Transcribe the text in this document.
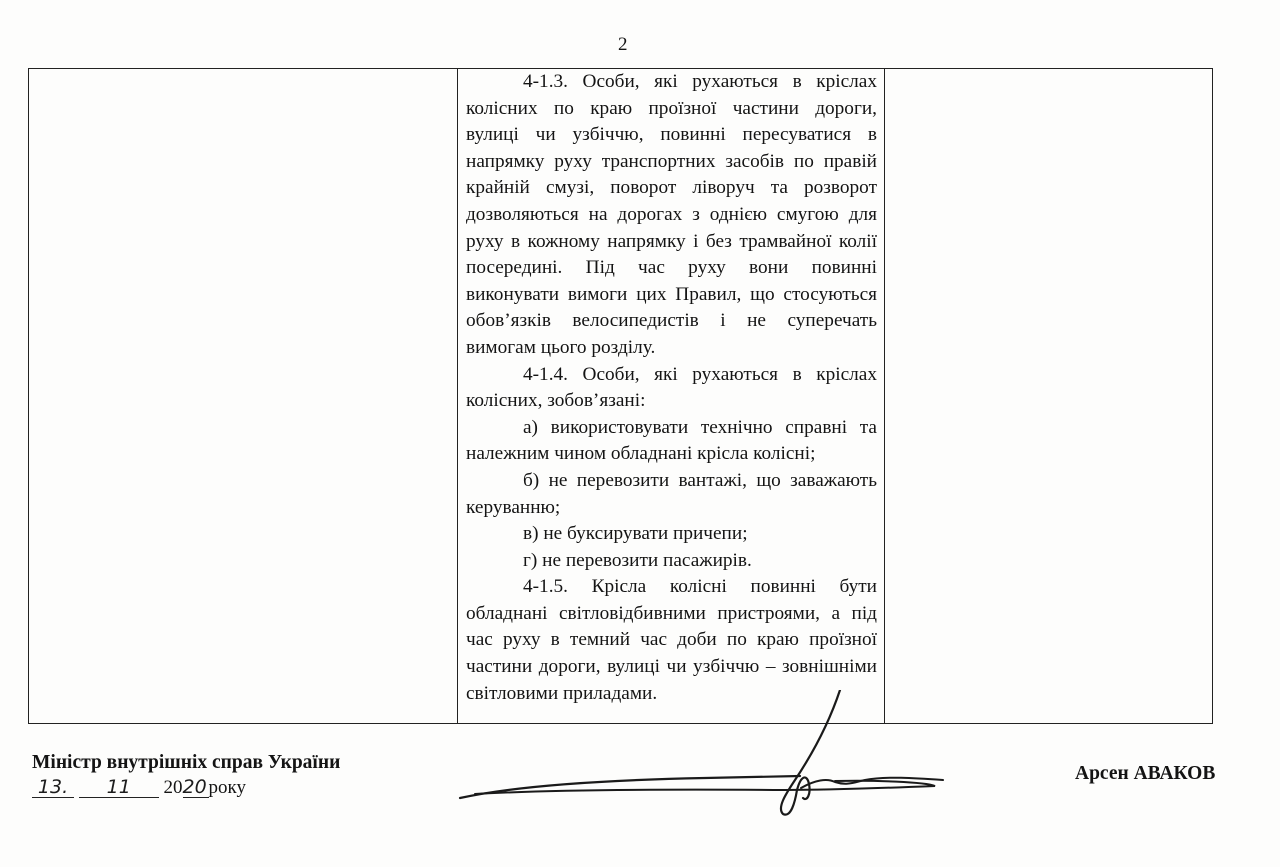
2

4-1.3. Особи, які рухаються в кріслах колісних по краю проїзної частини дороги, вулиці чи узбіччю, повинні пересуватися в напрямку руху транспортних засобів по правій крайній смузі, поворот ліворуч та розворот дозволяються на дорогах з однією смугою для руху в кожному напрямку і без трамвайної колії посередині. Під час руху вони повинні виконувати вимоги цих Правил, що стосуються обов’язків велосипедистів і не суперечать вимогам цього розділу.

4-1.4. Особи, які рухаються в кріслах колісних, зобов’язані:

а) використовувати технічно справні та належним чином обладнані крісла колісні;

б) не перевозити вантажі, що заважають керуванню;

в) не буксирувати причепи;

г) не перевозити пасажирів.

4-1.5. Крісла колісні повинні бути обладнані світловідбивними пристроями, а під час руху в темний час доби по краю проїзної частини дороги, вулиці чи узбіччю – зовнішніми світловими приладами.

Міністр внутрішніх справ України
13. 11 2020року
Арсен АВАКОВ
